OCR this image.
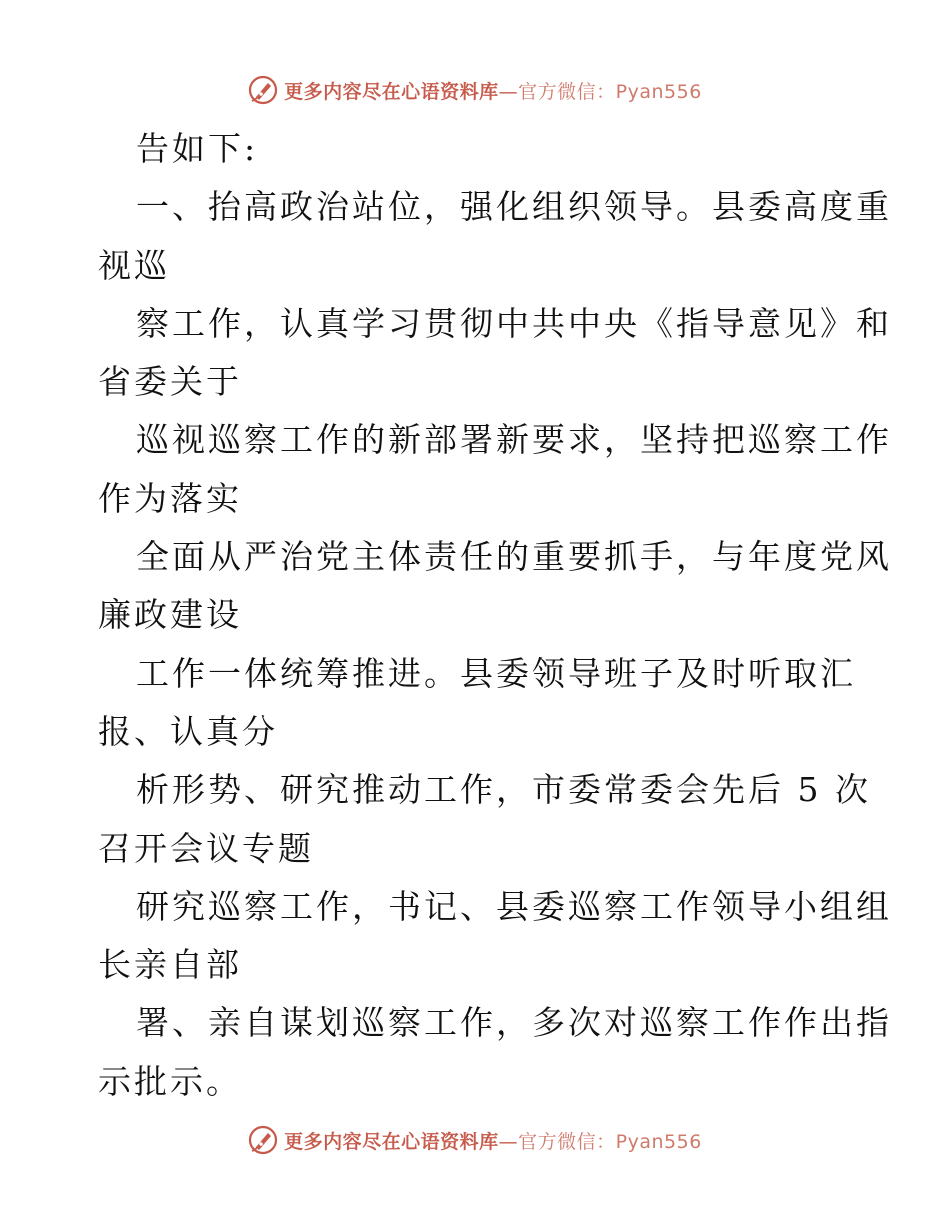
更多内容尽在心语资料库—官方微信：Pyan556
告如下:
一、抬高政治站位，强化组织领导。县委高度重
视巡
察工作，认真学习贯彻中共中央《指导意见》和
省委关于
巡视巡察工作的新部署新要求，坚持把巡察工作
作为落实
全面从严治党主体责任的重要抓手，与年度党风
廉政建设
工作一体统筹推进。县委领导班子及时听取汇
报、认真分
析形势、研究推动工作，市委常委会先后 5 次
召开会议专题
研究巡察工作，书记、县委巡察工作领导小组组
长亲自部
署、亲自谋划巡察工作，多次对巡察工作作出指
示批示。
更多内容尽在心语资料库—官方微信：Pyan556
